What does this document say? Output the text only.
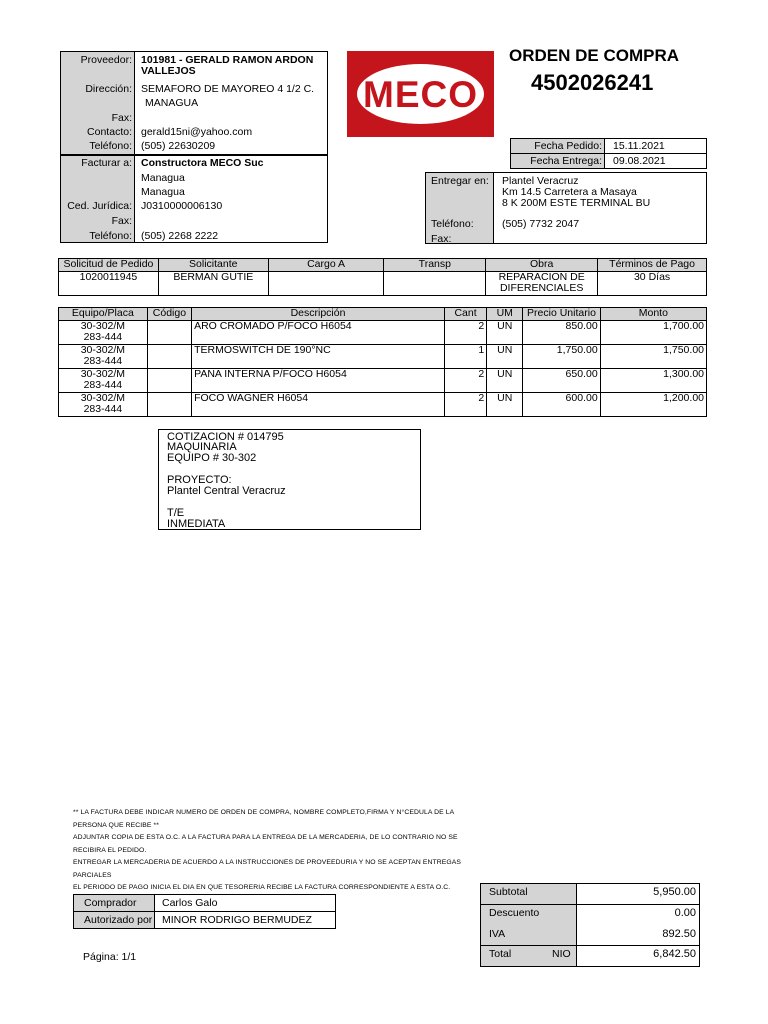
Proveedor: 101981 - GERALD RAMON ARDON
VALLEJOS
Dirección: SEMAFORO DE MAYOREO 4 1/2 C.
MANAGUA
Fax:
Contacto: gerald15ni@yahoo.com
Teléfono: (505) 22630209
Facturar a: Constructora MECO Suc
Managua
Managua
Ced. Jurídica: J0310000006130
Fax:
Teléfono: (505) 2268 2222
MECO
ORDEN DE COMPRA
4502026241
Fecha Pedido: 15.11.2021
Fecha Entrega: 09.08.2021
Entregar en: Plantel Veracruz
Km 14.5 Carretera a Masaya
8 K 200M ESTE TERMINAL BU
Teléfono:	(505) 7732 2047
Fax:
Solicitud de Pedido	Solicitante	Cargo A	Transp	Obra	Términos de Pago
1020011945	BERMAN GUTIE			REPARACION DE
DIFERENCIALES	30 Días
Equipo/Placa	Código	Descripción	Cant	UM	Precio Unitario	Monto

30-302/M
283-444		ARO CROMADO P/FOCO H6054	2	UN	850.00	1,700.00

30-302/M
283-444		TERMOSWITCH DE 190°NC	1	UN	1,750.00	1,750.00

30-302/M
283-444		PANA INTERNA P/FOCO H6054	2	UN	650.00	1,300.00

30-302/M
283-444		FOCO WAGNER H6054	2	UN	600.00	1,200.00
COTIZACION # 014795
MAQUINARIA
EQUIPO # 30-302
PROYECTO:
Plantel Central Veracruz
T/E
INMEDIATA
** LA FACTURA DEBE INDICAR NUMERO DE ORDEN DE COMPRA, NOMBRE COMPLETO,FIRMA Y N°CEDULA DE LA
PERSONA QUE RECIBE **
ADJUNTAR COPIA DE ESTA O.C. A LA FACTURA PARA LA ENTREGA DE LA MERCADERIA, DE LO CONTRARIO NO SE
RECIBIRA EL PEDIDO.
ENTREGAR LA MERCADERIA DE ACUERDO A LA INSTRUCCIONES DE PROVEEDURIA Y NO SE ACEPTAN ENTREGAS
PARCIALES
EL PERIODO DE PAGO INICIA EL DIA EN QUE TESORERIA RECIBE LA FACTURA CORRESPONDIENTE A ESTA O.C.
Comprador Carlos Galo
Autorizado por MINOR RODRIGO BERMUDEZ
Subtotal	5,950.00
Descuento	0.00
IVA	892.50
Total	NIO	6,842.50
Página: 1/1
